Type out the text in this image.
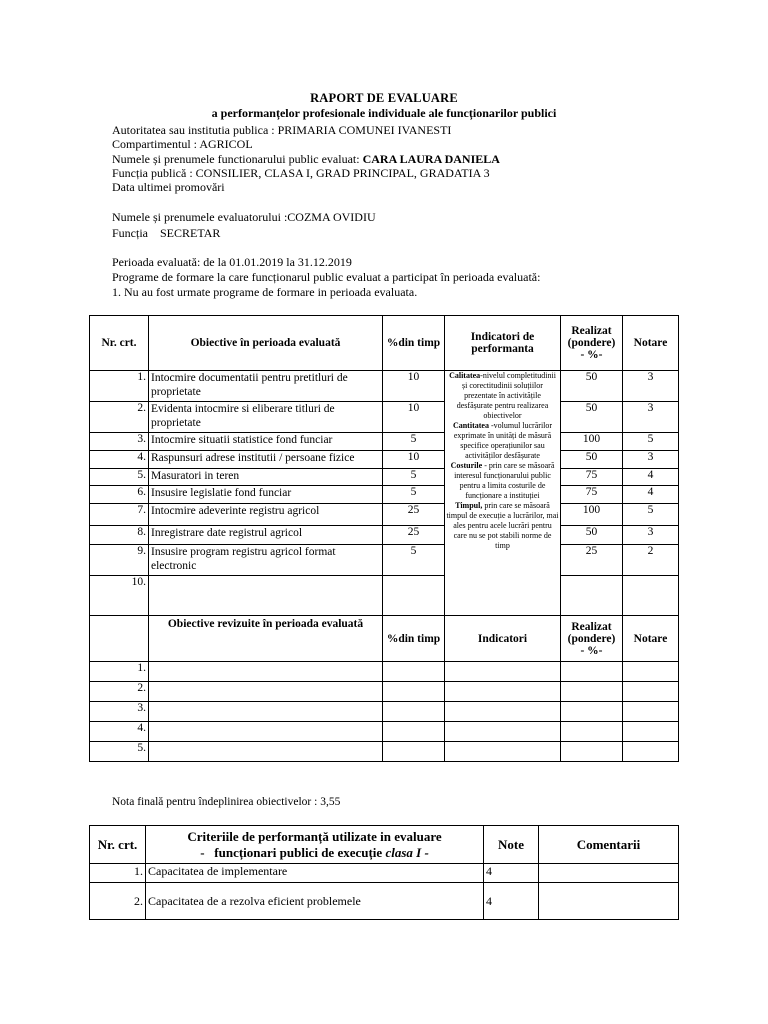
RAPORT DE EVALUARE
a performanțelor profesionale individuale ale funcționarilor publici
Autoritatea sau institutia publica : PRIMARIA COMUNEI IVANESTI
Compartimentul : AGRICOL
Numele și prenumele functionarului public evaluat: CARA LAURA DANIELA
Funcția publică : CONSILIER, CLASA I, GRAD PRINCIPAL, GRADATIA 3
Data ultimei promovări
Numele și prenumele evaluatorului :COZMA OVIDIU
Funcția    SECRETAR
Perioada evaluată: de la 01.01.2019 la 31.12.2019
Programe de formare la care funcționarul public evaluat a participat în perioada evaluată:
1. Nu au fost urmate programe de formare in perioada evaluata.
Nr. crt.	Obiective în perioada evaluată	%din timp	Indicatori de performanta	Realizat
(pondere)
- %-	Notare
1.	Intocmire documentatii pentru pretitluri de proprietate	10	Calitatea-nivelul completitudinii și corectitudinii soluțiilor prezentate în activitățile desfășurate pentru realizarea obiectivelor
Cantitatea -volumul lucrărilor exprimate în unități de măsură specifice operațiunilor sau activităților desfășurate
Costurile - prin care se măsoară interesul funcționarului public pentru a limita costurile de funcționare a instituției
Timpul, prin care se măsoară timpul de execuție a lucrărilor, mai ales pentru acele lucrări pentru care nu se pot stabili norme de timp	50	3
2.	Evidenta intocmire si eliberare titluri de proprietate	10		50	3
3.	Intocmire situatii statistice fond funciar	5		100	5
4.	Raspunsuri adrese institutii / persoane fizice	10		50	3
5.	Masuratori in teren	5		75	4
6.	Insusire legislatie fond funciar	5		75	4
7.	Intocmire adeverinte registru agricol	25		100	5
8.	Inregistrare date registrul agricol	25		50	3
9.	Insusire program registru agricol format electronic	5		25	2
10.					
	Obiective revizuite în perioada evaluată	%din timp	Indicatori	Realizat
(pondere)
- %-	Notare
1.					
2.					
3.					
4.					
5.					
Nota finală pentru îndeplinirea obiectivelor : 3,55
Nr. crt.	Criteriile de performanță utilizate in evaluare
-   funcționari publici de execuție clasa I -	Note	Comentarii
1.	Capacitatea de implementare	4	
2.	Capacitatea de a rezolva eficient problemele	4	
